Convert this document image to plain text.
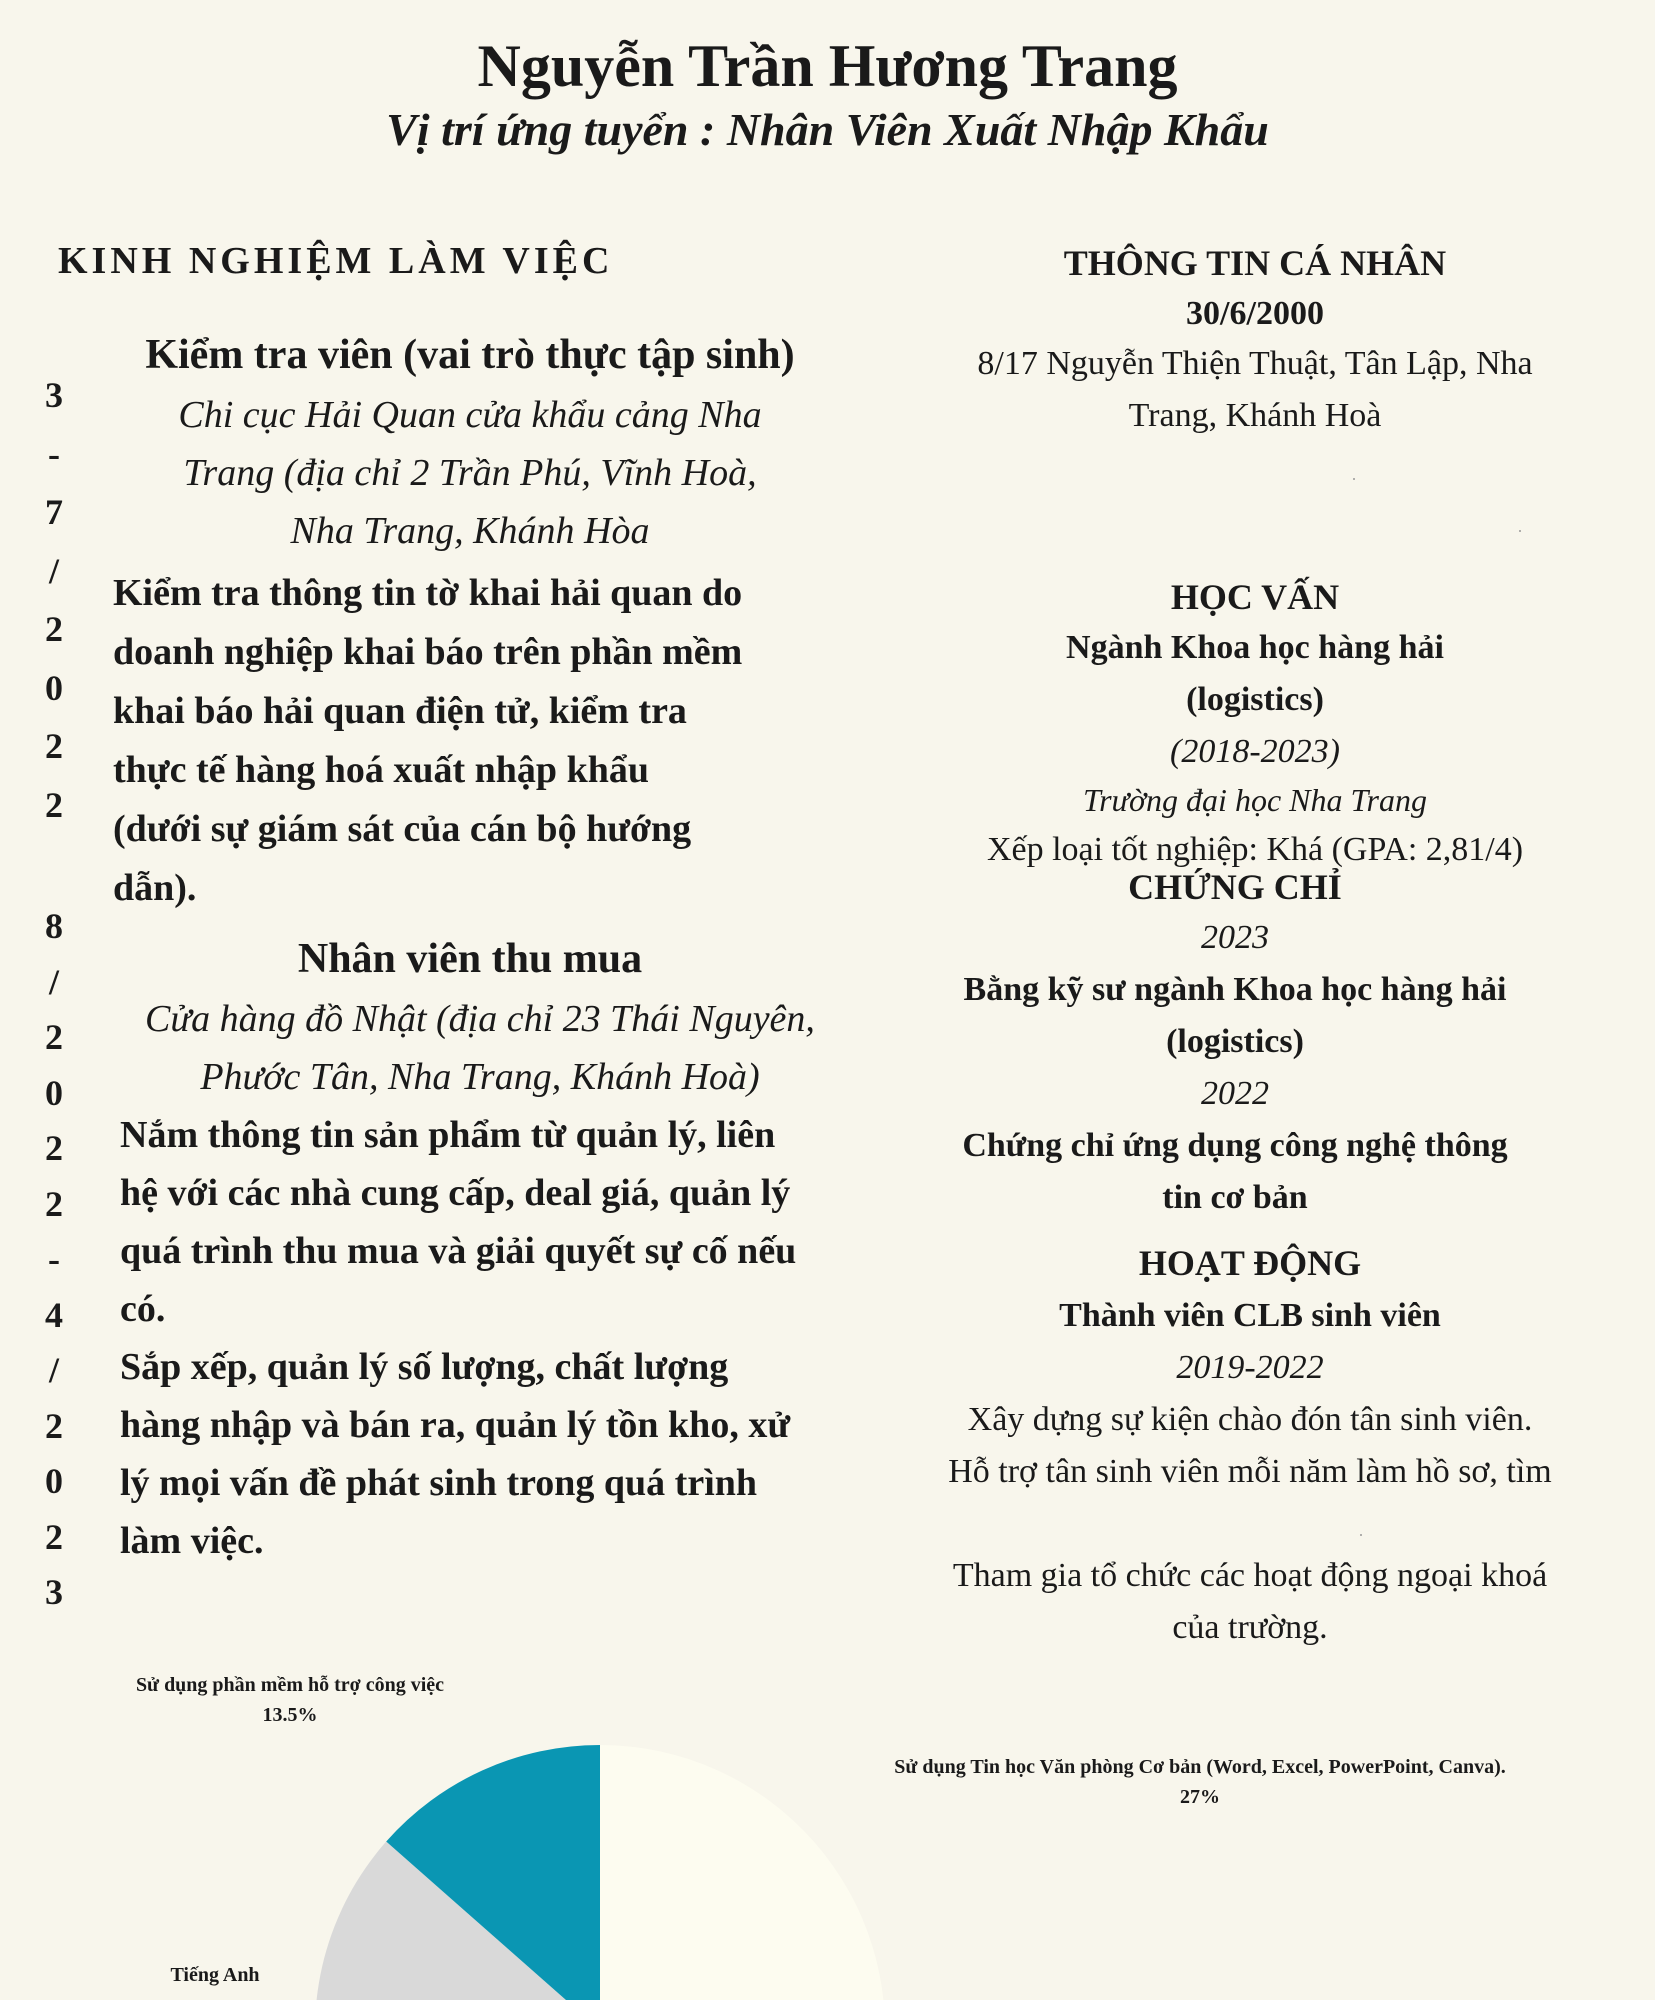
Nguyễn Trần Hương Trang
Vị trí ứng tuyển : Nhân Viên Xuất Nhập Khẩu
KINH NGHIỆM LÀM VIỆC
3
-
7
/
2
0
2
2
Kiểm tra viên (vai trò thực tập sinh)
Chi cục Hải Quan cửa khẩu cảng Nha
Trang (địa chỉ 2 Trần Phú, Vĩnh Hoà,
Nha Trang, Khánh Hòa
Kiểm tra thông tin tờ khai hải quan do
doanh nghiệp khai báo trên phần mềm
khai báo hải quan điện tử, kiểm tra
thực tế hàng hoá xuất nhập khẩu
(dưới sự giám sát của cán bộ hướng
dẫn).
8
/
2
0
2
2
-
4
/
2
0
2
3
Nhân viên thu mua
Cửa hàng đồ Nhật (địa chỉ 23 Thái Nguyên,
Phước Tân, Nha Trang, Khánh Hoà)
Nắm thông tin sản phẩm từ quản lý, liên
hệ với các nhà cung cấp, deal giá, quản lý
quá trình thu mua và giải quyết sự cố nếu
có.
Sắp xếp, quản lý số lượng, chất lượng
hàng nhập và bán ra, quản lý tồn kho, xử
lý mọi vấn đề phát sinh trong quá trình
làm việc.
THÔNG TIN CÁ NHÂN
30/6/2000
8/17 Nguyễn Thiện Thuật, Tân Lập, Nha
Trang, Khánh Hoà
HỌC VẤN
Ngành Khoa học hàng hải
(logistics)
(2018-2023)
Trường đại học Nha Trang
Xếp loại tốt nghiệp: Khá (GPA: 2,81/4)
CHỨNG CHỈ
2023
Bằng kỹ sư ngành Khoa học hàng hải
(logistics)
2022
Chứng chỉ ứng dụng công nghệ thông
tin cơ bản
HOẠT ĐỘNG
Thành viên CLB sinh viên
2019-2022
Xây dựng sự kiện chào đón tân sinh viên.
Hỗ trợ tân sinh viên mỗi năm làm hồ sơ, tìm
Tham gia tổ chức các hoạt động ngoại khoá
của trường.
Sử dụng phần mềm hỗ trợ công việc
13.5%
Sử dụng Tin học Văn phòng Cơ bản (Word, Excel, PowerPoint, Canva).
27%
Tiếng Anh
